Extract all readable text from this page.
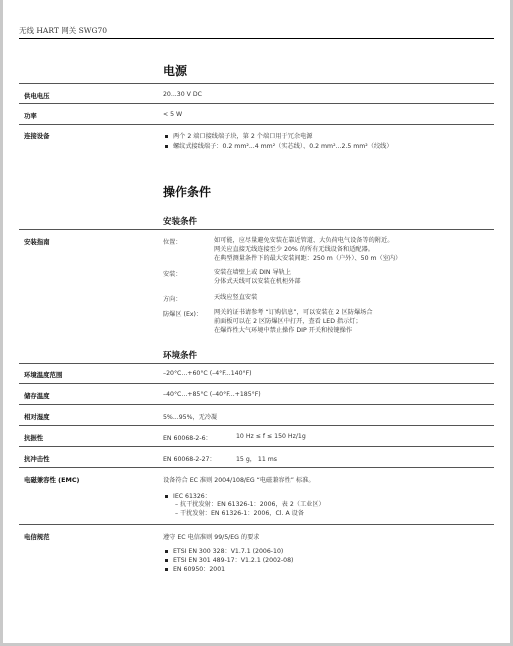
无线 HART 网关 SWG70
电源
供电电压	20...30 V DC
功率	< 5 W
连接设备	两个 2 端口接线端子块，第 2 个端口用于冗余电源
螺纹式接线端子：0.2 mm²...4 mm²（实芯线）、0.2 mm²...2.5 mm²（绞线）
操作条件
安装条件
安装指南	位置：	如可能，应尽量避免安装在靠近管道、大负荷电气设备等的附近。
网关应直接无线连接至少 20% 的所有无线设备和适配器。
在典型测量条件下的最大安装间距：250 m（户外）、50 m（室内）
安装：	安装在墙壁上或 DIN 导轨上
分体式天线可以安装在机柜外部
方向：	天线应竖直安装
防爆区 (Ex)： 网关的证书请参考 “订购信息”，可以安装在 2 区防爆场合
前面板可以在 2 区防爆区中打开，查看 LED 指示灯；
在爆炸性大气环境中禁止操作 DIP 开关和按键操作
环境条件
环境温度范围	–20°C...+60°C (–4°F...140°F)
储存温度	–40°C...+85°C (–40°F...+185°F)
相对湿度	5%...95%，无冷凝
抗振性	EN 60068-2-6：	10 Hz ≤ f ≤ 150 Hz/1g
抗冲击性	EN 60068-2-27：	15 g， 11 ms
电磁兼容性 (EMC)	设备符合 EC 准则 2004/108/EG “电磁兼容性” 标准。
IEC 61326：
– 抗干扰发射：EN 61326-1：2006，表 2（工业区）
– 干扰发射：EN 61326-1：2006，Cl. A 设备
电信规范	遵守 EC 电信准则 99/5/EG 的要求
ETSI EN 300 328：V1.7.1 (2006-10)
ETSI EN 301 489-17：V1.2.1 (2002-08)
EN 60950：2001
